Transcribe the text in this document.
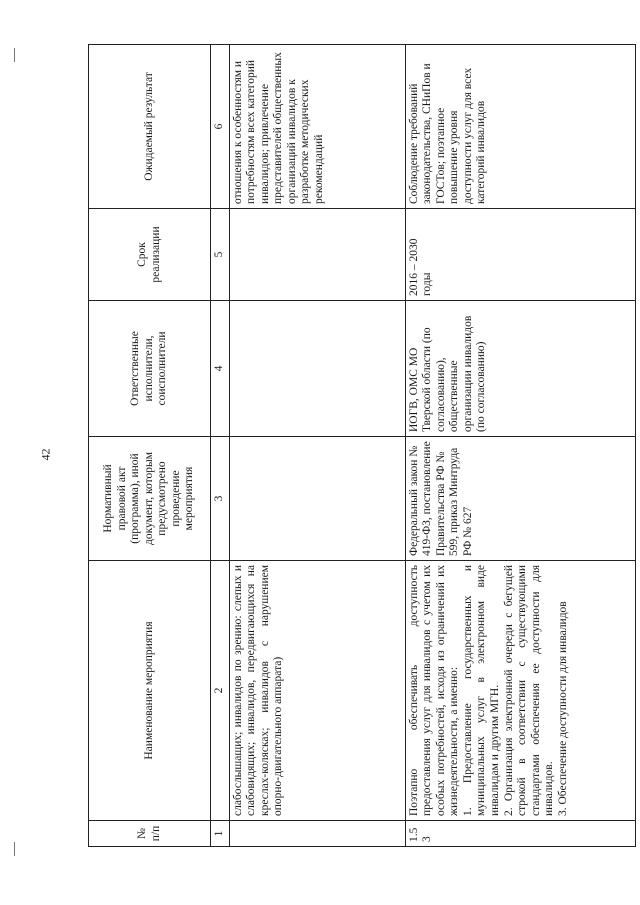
42
№ п/п	Наименование мероприятия	Нормативный правовой акт (программа), иной документ, которым предусмотрено проведение мероприятия	Ответственные исполнители, соисполнители	Срок реализации	Ожидаемый результат
1	2	3	4	5	6
	слабослышащих; инвалидов по зрению: слепых и слабовидящих; инвалидов, передвигающихся на креслах-колясках; инвалидов с нарушением опорно-двигательного аппарата)				отношения к особенностям и потребностям всех категорий инвалидов; привлечение представителей общественных организаций инвалидов к разработке методических рекомендаций
1.53	Поэтапно обеспечивать доступность предоставления услуг для инвалидов с учетом их особых потребностей, исходя из ограничений их жизнедеятельности, а именно: 1. Предоставление государственных и муниципальных услуг в электронном виде инвалидам и другим МГН. 2. Организация электронной очереди с бегущей строкой в соответствии с существующими стандартами обеспечения ее доступности для инвалидов. 3. Обеспечение доступности для инвалидов	Федеральный закон № 419-ФЗ, постановление Правительства РФ № 599, приказ Минтруда РФ № 627	ИОГВ, ОМС МО Тверской области (по согласованию), общественные организации инвалидов (по согласованию)	2016 – 2030 годы	Соблюдение требований законодательства, СНиПов и ГОСТов; поэтапное повышение уровня доступности услуг для всех категорий инвалидов
